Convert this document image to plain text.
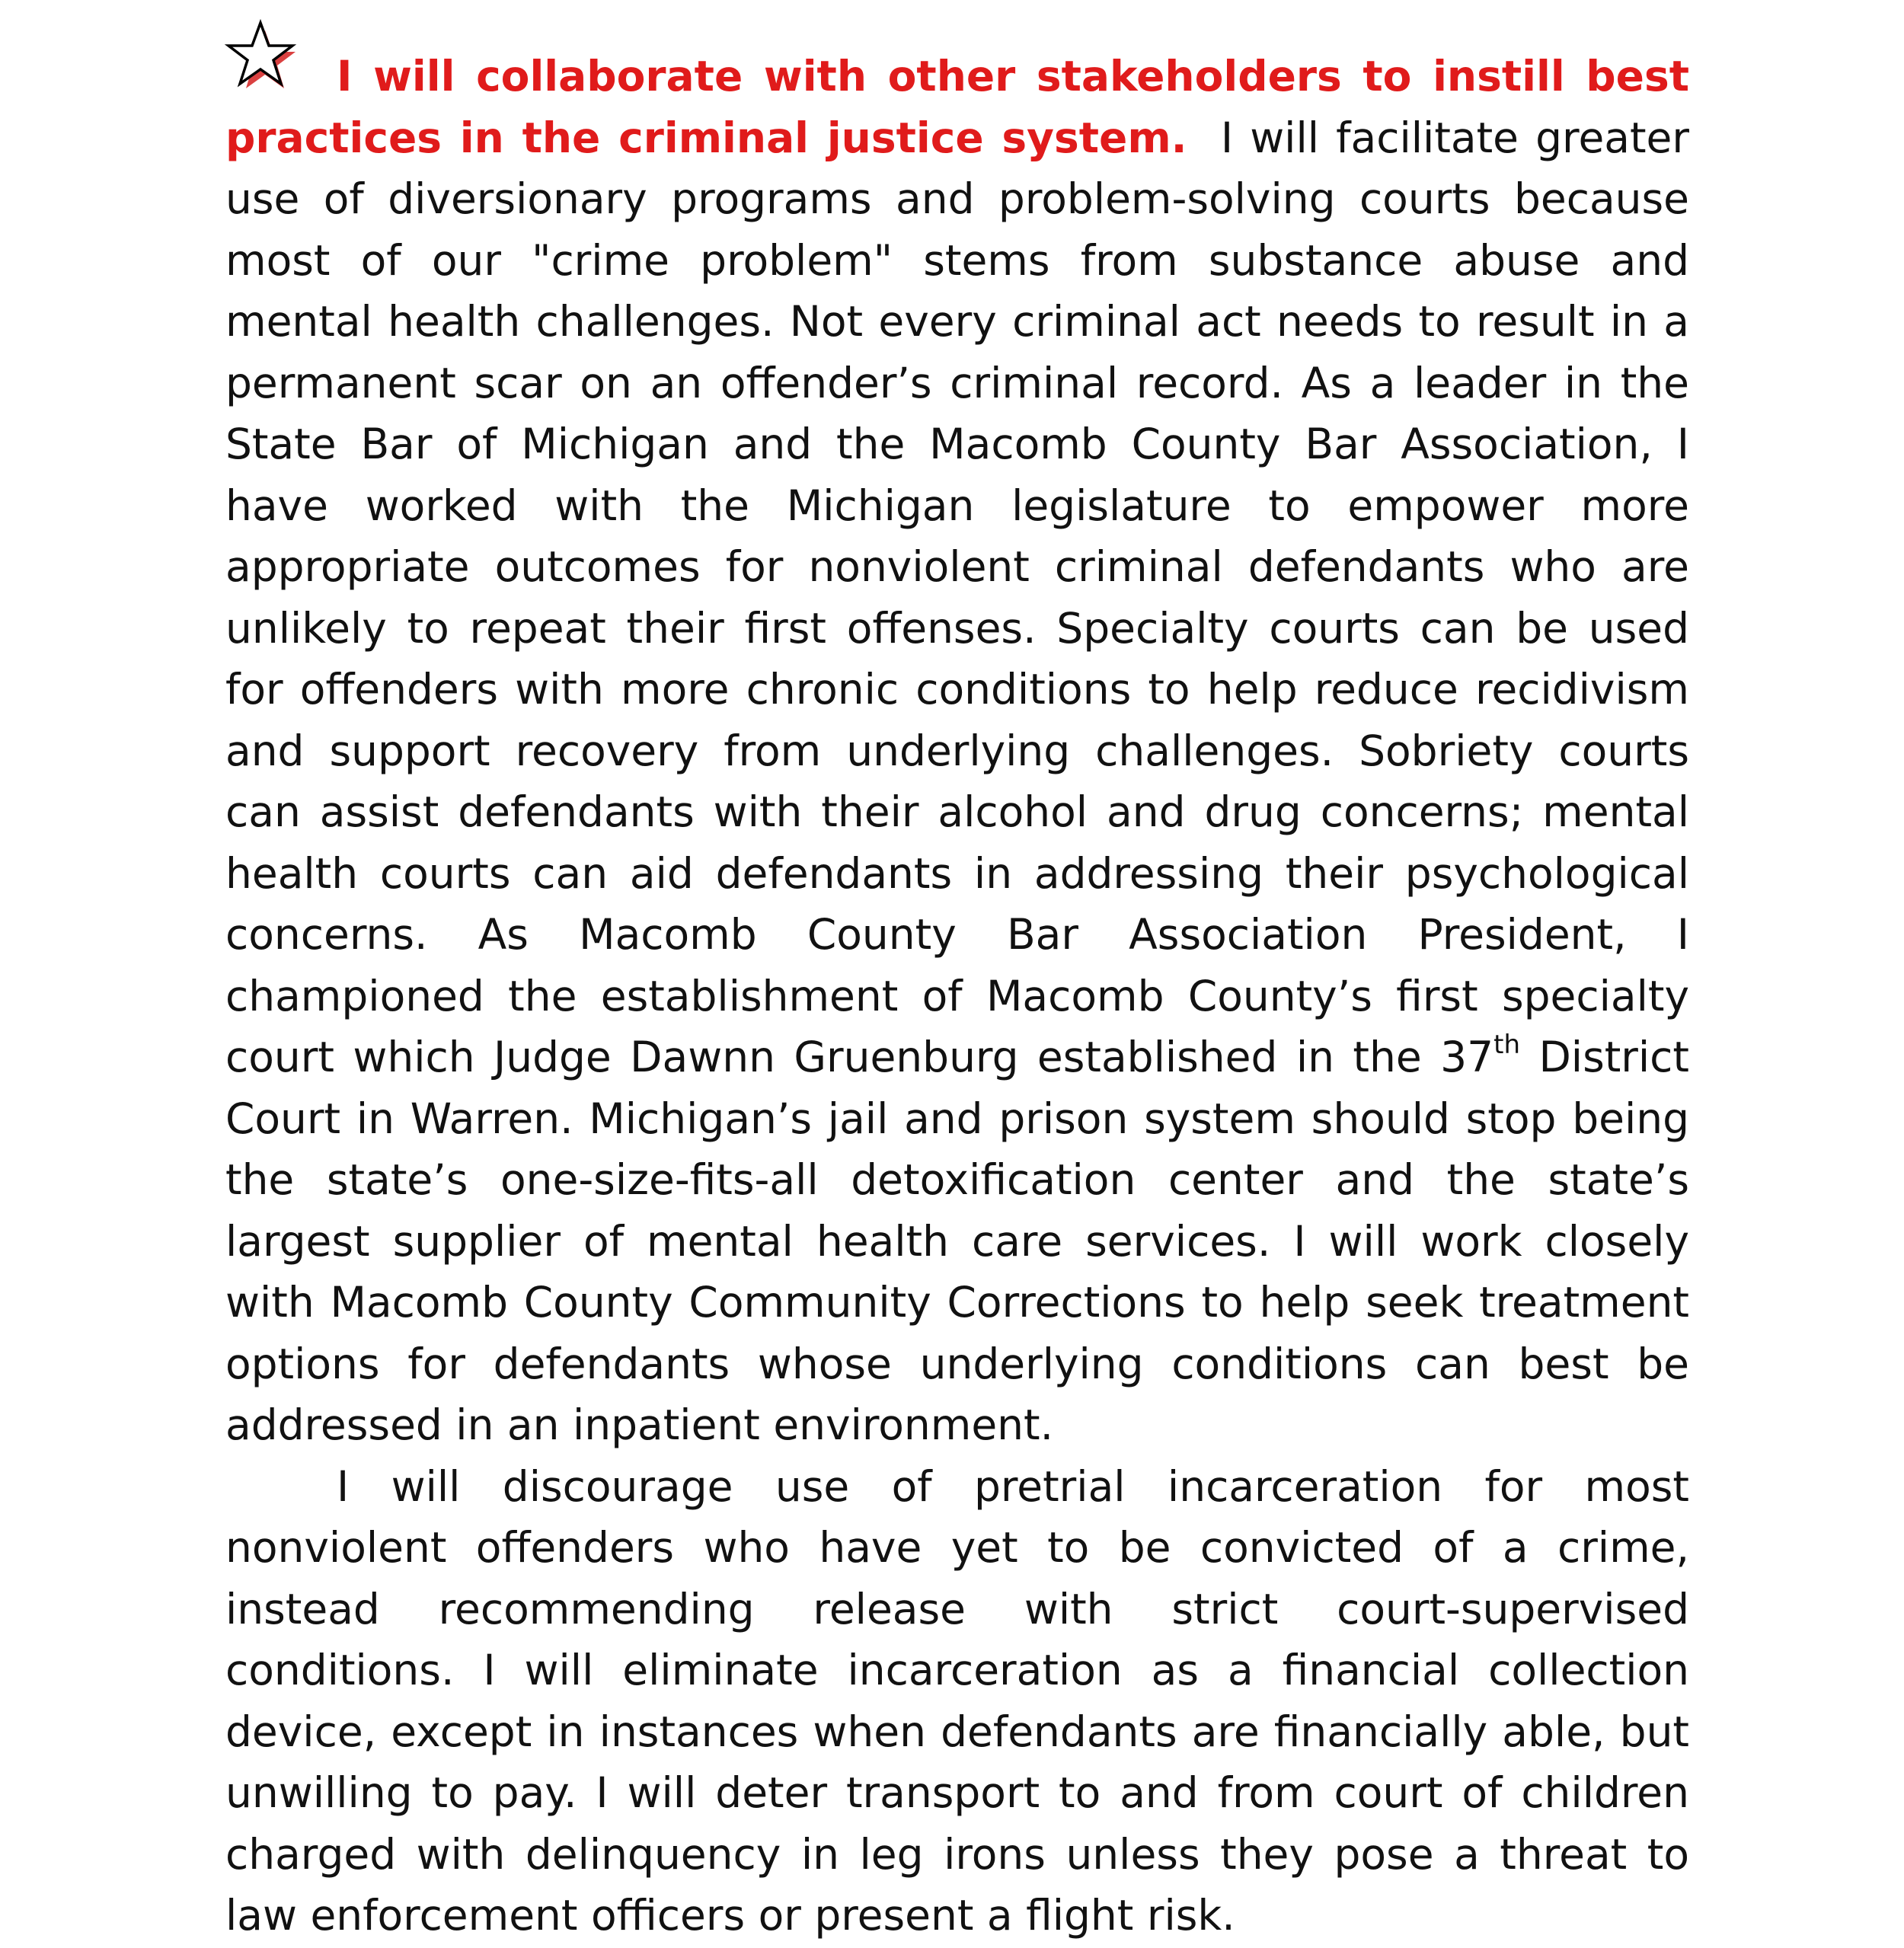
I will collaborate with other stakeholders to instill best practices in the criminal justice system. I will facilitate greater use of diversionary programs and problem-solving courts because most of our "crime problem" stems from substance abuse and mental health challenges. Not every criminal act needs to result in a permanent scar on an offender’s criminal record. As a leader in the State Bar of Michigan and the Macomb County Bar Association, I have worked with the Michigan legislature to empower more appropriate outcomes for nonviolent criminal defendants who are unlikely to repeat their first offenses. Specialty courts can be used for offenders with more chronic conditions to help reduce recidivism and support recovery from underlying challenges. Sobriety courts can assist defendants with their alcohol and drug concerns; mental health courts can aid defendants in addressing their psychological concerns. As Macomb County Bar Association President, I championed the establishment of Macomb County’s first specialty court which Judge Dawnn Gruenburg established in the 37th District Court in Warren. Michigan’s jail and prison system should stop being the state’s one-size-fits-all detoxification center and the state’s largest supplier of mental health care services. I will work closely with Macomb County Community Corrections to help seek treatment options for defendants whose underlying conditions can best be addressed in an inpatient environment.

I will discourage use of pretrial incarceration for most nonviolent offenders who have yet to be convicted of a crime, instead recommending release with strict court-supervised conditions. I will eliminate incarceration as a financial collection device, except in instances when defendants are financially able, but unwilling to pay. I will deter transport to and from court of children charged with delinquency in leg irons unless they pose a threat to law enforcement officers or present a flight risk.
